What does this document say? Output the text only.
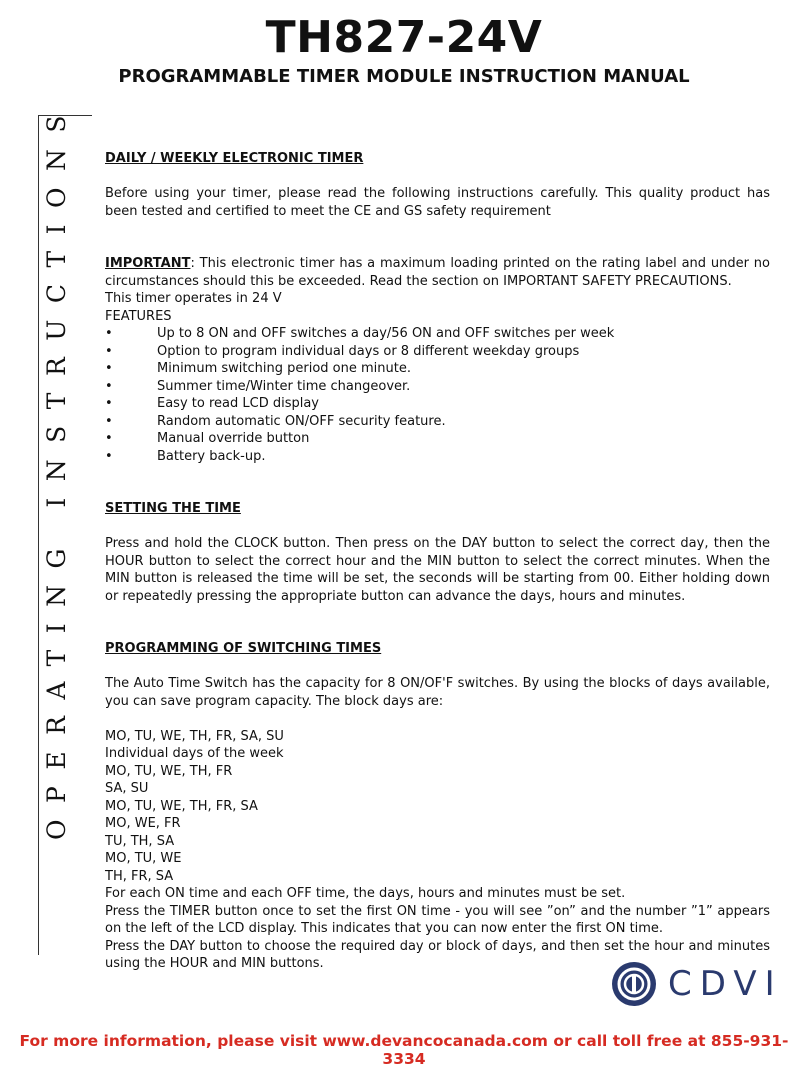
TH827-24V
PROGRAMMABLE TIMER MODULE INSTRUCTION MANUAL
OPERATING INSTRUCTIONS	DAILY / WEEKLY ELECTRONIC TIMER

Before using your timer, please read the following instructions carefully. This quality product has been tested and certified to meet the CE and GS safety requirement

IMPORTANT: This electronic timer has a maximum loading printed on the rating label and under no circumstances should this be exceeded. Read the section on IMPORTANT SAFETY PRECAUTIONS.

This timer operates in 24 V

FEATURES

•	Up to 8 ON and OFF switches a day/56 ON and OFF switches per week
•	Option to program individual days or 8 different weekday groups
•	Minimum switching period one minute.
•	Summer time/Winter time changeover.
•	Easy to read LCD display
•	Random automatic ON/OFF security feature.
•	Manual override button
•	Battery back-up.

SETTING THE TIME

Press and hold the CLOCK button. Then press on the DAY button to select the correct day, then the HOUR button to select the correct hour and the MIN button to select the correct minutes. When the MIN button is released the time will be set, the seconds will be starting from 00. Either holding down or repeatedly pressing the appropriate button can advance the days, hours and minutes.

PROGRAMMING OF SWITCHING TIMES

The Auto Time Switch has the capacity for 8 ON/OF'F switches. By using the blocks of days available, you can save program capacity. The block days are:

MO, TU, WE, TH, FR, SA, SU

Individual days of the week

MO, TU, WE, TH, FR

SA, SU

MO, TU, WE, TH, FR, SA

MO, WE, FR

TU, TH, SA

MO, TU, WE

TH, FR, SA

For each ON time and each OFF time, the days, hours and minutes must be set.

Press the TIMER button once to set the first ON time - you will see ”on” and the number ”1” appears on the left of the LCD display. This indicates that you can now enter the first ON time.

Press the DAY button to choose the required day or block of days, and then set the hour and minutes using the HOUR and MIN buttons.

CDVI
For more information, please visit www.devancocanada.com or call toll free at 855-931-3334
